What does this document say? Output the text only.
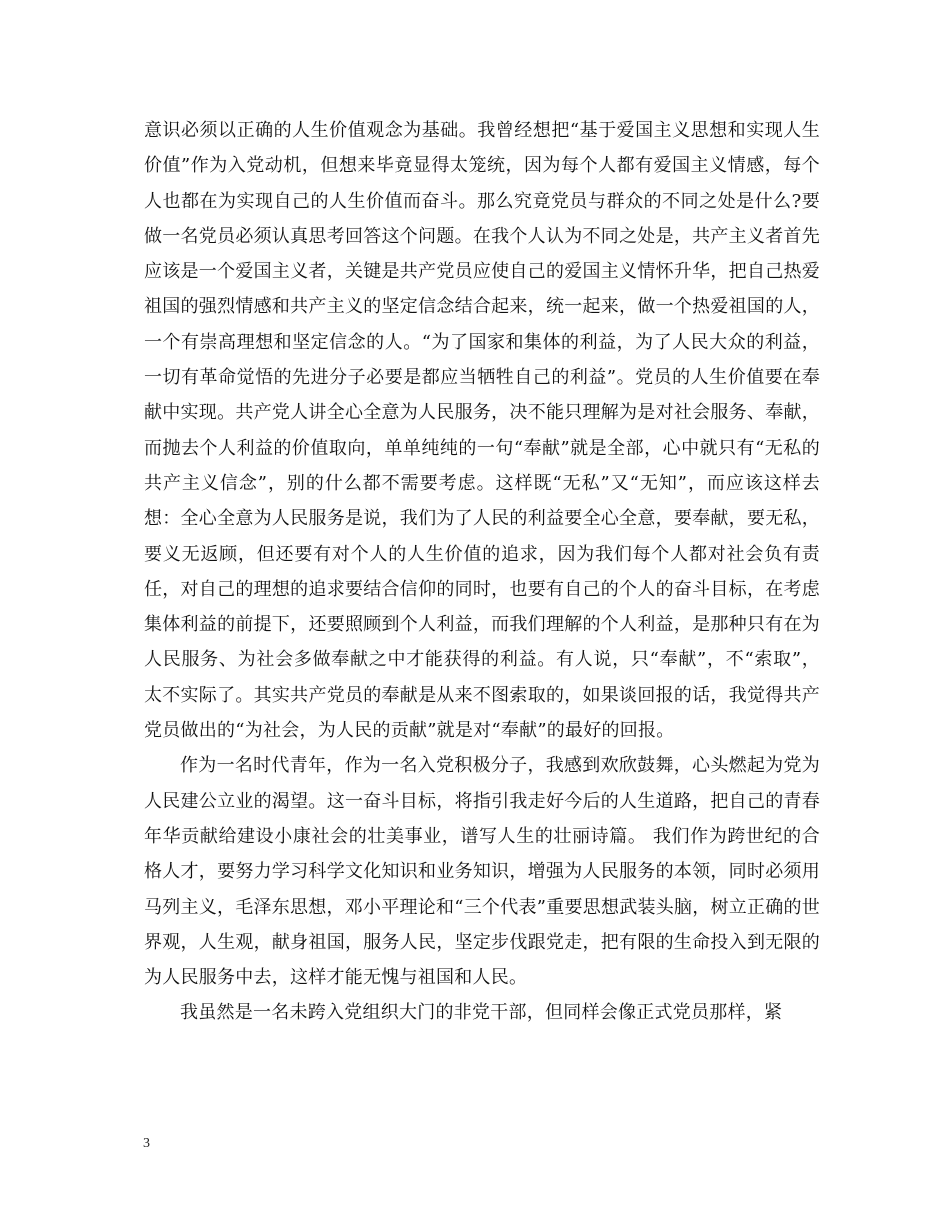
意识必须以正确的人生价值观念为基础。我曾经想把“基于爱国主义思想和实现人生价值”作为入党动机，但想来毕竟显得太笼统，因为每个人都有爱国主义情感，每个人也都在为实现自己的人生价值而奋斗。那么究竟党员与群众的不同之处是什么?要做一名党员必须认真思考回答这个问题。在我个人认为不同之处是，共产主义者首先应该是一个爱国主义者，关键是共产党员应使自己的爱国主义情怀升华，把自己热爱祖国的强烈情感和共产主义的坚定信念结合起来，统一起来，做一个热爱祖国的人，一个有崇高理想和坚定信念的人。“为了国家和集体的利益，为了人民大众的利益，一切有革命觉悟的先进分子必要是都应当牺牲自己的利益”。党员的人生价值要在奉献中实现。共产党人讲全心全意为人民服务，决不能只理解为是对社会服务、奉献，而抛去个人利益的价值取向，单单纯纯的一句“奉献”就是全部，心中就只有“无私的共产主义信念”，别的什么都不需要考虑。这样既“无私”又“无知”，而应该这样去想：全心全意为人民服务是说，我们为了人民的利益要全心全意，要奉献，要无私，要义无返顾，但还要有对个人的人生价值的追求，因为我们每个人都对社会负有责任，对自己的理想的追求要结合信仰的同时，也要有自己的个人的奋斗目标，在考虑集体利益的前提下，还要照顾到个人利益，而我们理解的个人利益，是那种只有在为人民服务、为社会多做奉献之中才能获得的利益。有人说，只“奉献”，不“索取”，太不实际了。其实共产党员的奉献是从来不图索取的，如果谈回报的话，我觉得共产党员做出的“为社会，为人民的贡献”就是对“奉献”的最好的回报。

作为一名时代青年，作为一名入党积极分子，我感到欢欣鼓舞，心头燃起为党为人民建公立业的渴望。这一奋斗目标，将指引我走好今后的人生道路，把自己的青春年华贡献给建设小康社会的壮美事业，谱写人生的壮丽诗篇。 我们作为跨世纪的合格人才，要努力学习科学文化知识和业务知识，增强为人民服务的本领，同时必须用马列主义，毛泽东思想，邓小平理论和“三个代表”重要思想武装头脑，树立正确的世界观，人生观，献身祖国，服务人民，坚定步伐跟党走，把有限的生命投入到无限的为人民服务中去，这样才能无愧与祖国和人民。

我虽然是一名未跨入党组织大门的非党干部，但同样会像正式党员那样，紧

3
